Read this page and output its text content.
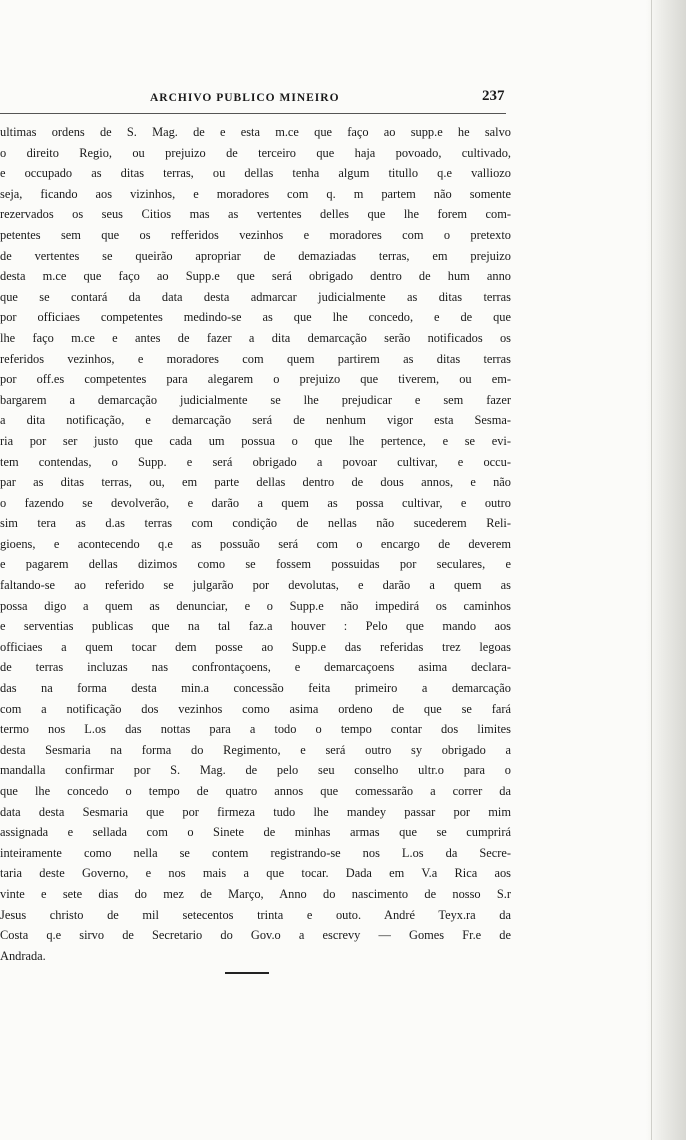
ARCHIVO PUBLICO MINEIRO	237
ultimas ordens de S. Mag. de e esta m.ce que faço ao supp.e he salvo
o direito Regio, ou prejuizo de terceiro que haja povoado, cultivado,
e occupado as ditas terras, ou dellas tenha algum titullo q.e valliozo
seja, ficando aos vizinhos, e moradores com q. m partem não somente
rezervados os seus Citios mas as vertentes delles que lhe forem com-
petentes sem que os refferidos vezinhos e moradores com o pretexto
de vertentes se queirão apropriar de demaziadas terras, em prejuizo
desta m.ce que faço ao Supp.e que será obrigado dentro de hum anno
que se contará da data desta admarcar judicialmente as ditas terras
por officiaes competentes medindo-se as que lhe concedo, e de que
lhe faço m.ce e antes de fazer a dita demarcação serão notificados os
referidos vezinhos, e moradores com quem partirem as ditas terras
por off.es competentes para alegarem o prejuizo que tiverem, ou em-
bargarem a demarcação judicialmente se lhe prejudicar e sem fazer
a dita notificação, e demarcação será de nenhum vigor esta Sesma-
ria por ser justo que cada um possua o que lhe pertence, e se evi-
tem contendas, o Supp. e será obrigado a povoar cultivar, e occu-
par as ditas terras, ou, em parte dellas dentro de dous annos, e não
o fazendo se devolverão, e darão a quem as possa cultivar, e outro
sim tera as d.as terras com condição de nellas não sucederem Reli-
gioens, e acontecendo q.e as possuão será com o encargo de deverem
e pagarem dellas dizimos como se fossem possuidas por seculares, e
faltando-se ao referido se julgarão por devolutas, e darão a quem as
possa digo a quem as denunciar, e o Supp.e não impedirá os caminhos
e serventias publicas que na tal faz.a houver : Pelo que mando aos
officiaes a quem tocar dem posse ao Supp.e das referidas trez legoas
de terras incluzas nas confrontaçoens, e demarcaçoens asima declara-
das na forma desta min.a concessão feita primeiro a demarcação
com a notificação dos vezinhos como asima ordeno de que se fará
termo nos L.os das nottas para a todo o tempo contar dos limites
desta Sesmaria na forma do Regimento, e será outro sy obrigado a
mandalla confirmar por S. Mag. de pelo seu conselho ultr.o para o
que lhe concedo o tempo de quatro annos que comessarão a correr da
data desta Sesmaria que por firmeza tudo lhe mandey passar por mim
assignada e sellada com o Sinete de minhas armas que se cumprirá
inteiramente como nella se contem registrando-se nos L.os da Secre-
taria deste Governo, e nos mais a que tocar. Dada em V.a Rica aos
vinte e sete dias do mez de Março, Anno do nascimento de nosso S.r
Jesus christo de mil setecentos trinta e outo. André Teyx.ra da
Costa q.e sirvo de Secretario do Gov.o a escrevy — Gomes Fr.e de
Andrada.
